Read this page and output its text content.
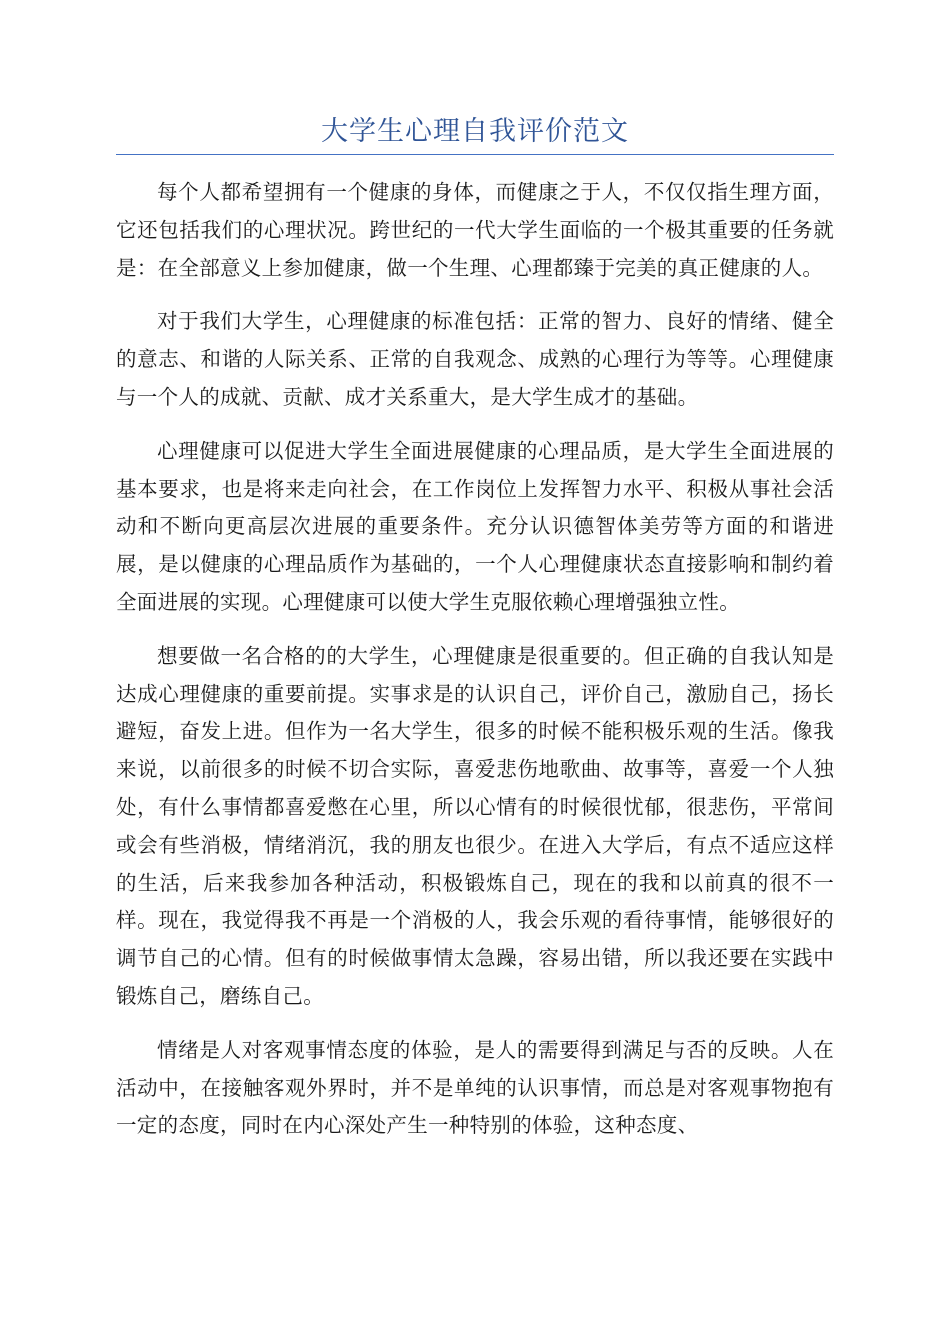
大学生心理自我评价范文

每个人都希望拥有一个健康的身体，而健康之于人，不仅仅指生理方面，它还包括我们的心理状况。跨世纪的一代大学生面临的一个极其重要的任务就是：在全部意义上参加健康，做一个生理、心理都臻于完美的真正健康的人。

对于我们大学生，心理健康的标准包括：正常的智力、良好的情绪、健全的意志、和谐的人际关系、正常的自我观念、成熟的心理行为等等。心理健康与一个人的成就、贡献、成才关系重大，是大学生成才的基础。

心理健康可以促进大学生全面进展健康的心理品质，是大学生全面进展的基本要求，也是将来走向社会，在工作岗位上发挥智力水平、积极从事社会活动和不断向更高层次进展的重要条件。充分认识德智体美劳等方面的和谐进展，是以健康的心理品质作为基础的，一个人心理健康状态直接影响和制约着全面进展的实现。心理健康可以使大学生克服依赖心理增强独立性。

想要做一名合格的的大学生，心理健康是很重要的。但正确的自我认知是达成心理健康的重要前提。实事求是的认识自己，评价自己，激励自己，扬长避短，奋发上进。但作为一名大学生，很多的时候不能积极乐观的生活。像我来说，以前很多的时候不切合实际，喜爱悲伤地歌曲、故事等，喜爱一个人独处，有什么事情都喜爱憋在心里，所以心情有的时候很忧郁，很悲伤，平常间或会有些消极，情绪消沉，我的朋友也很少。在进入大学后，有点不适应这样的生活，后来我参加各种活动，积极锻炼自己，现在的我和以前真的很不一样。现在，我觉得我不再是一个消极的人，我会乐观的看待事情，能够很好的调节自己的心情。但有的时候做事情太急躁，容易出错，所以我还要在实践中锻炼自己，磨练自己。

情绪是人对客观事情态度的体验，是人的需要得到满足与否的反映。人在活动中，在接触客观外界时，并不是单纯的认识事情，而总是对客观事物抱有一定的态度，同时在内心深处产生一种特别的体验，这种态度、
